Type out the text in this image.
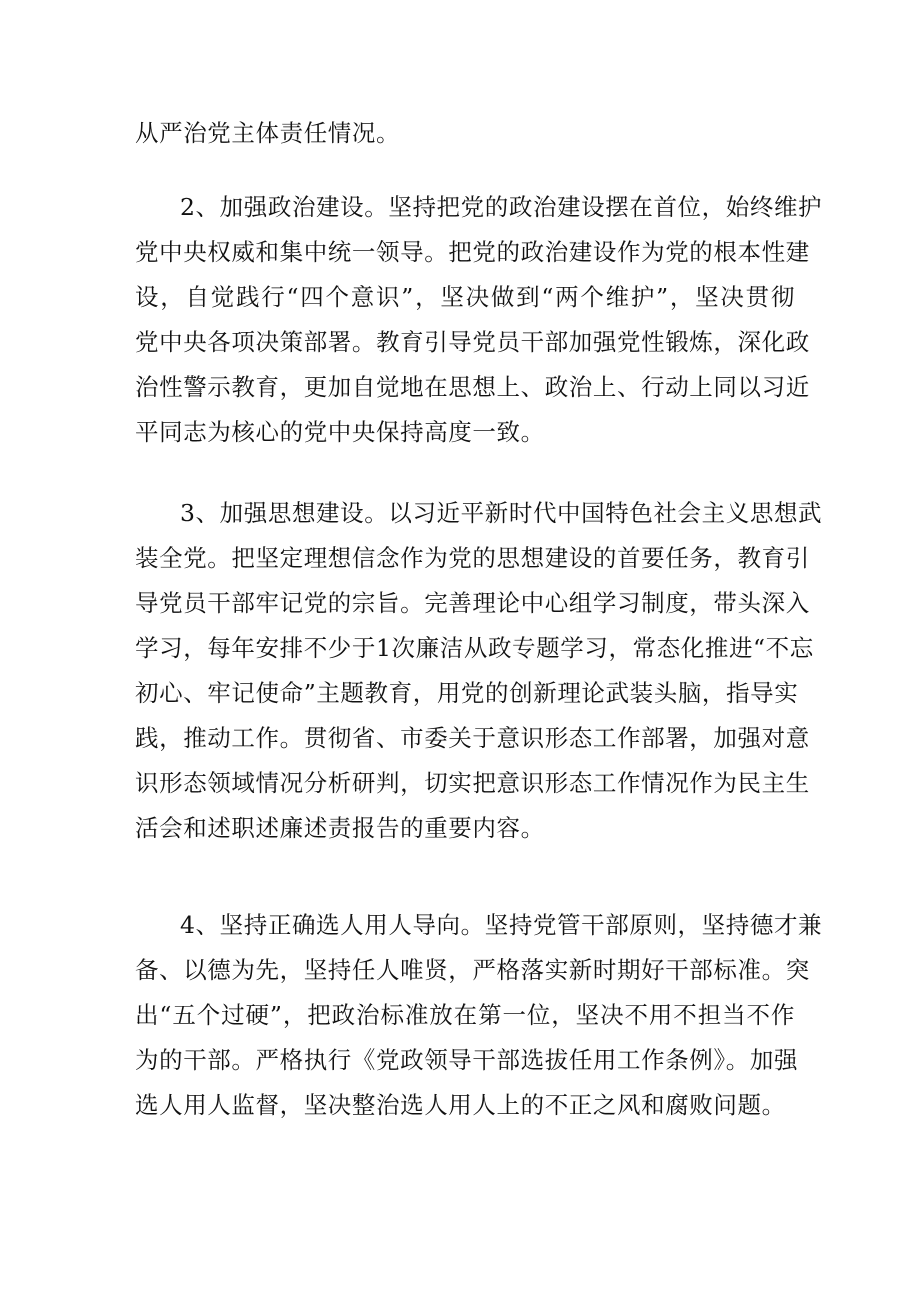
从严治党主体责任情况。
2、加强政治建设。坚持把党的政治建设摆在首位，始终维护
党中央权威和集中统一领导。把党的政治建设作为党的根本性建
设，自觉践行“四个意识”，坚决做到“两个维护”，坚决贯彻
党中央各项决策部署。教育引导党员干部加强党性锻炼，深化政
治性警示教育，更加自觉地在思想上、政治上、行动上同以习近
平同志为核心的党中央保持高度一致。
3、加强思想建设。以习近平新时代中国特色社会主义思想武
装全党。把坚定理想信念作为党的思想建设的首要任务，教育引
导党员干部牢记党的宗旨。完善理论中心组学习制度，带头深入
学习，每年安排不少于1次廉洁从政专题学习，常态化推进“不忘
初心、牢记使命”主题教育，用党的创新理论武装头脑，指导实
践，推动工作。贯彻省、市委关于意识形态工作部署，加强对意
识形态领域情况分析研判，切实把意识形态工作情况作为民主生
活会和述职述廉述责报告的重要内容。
4、坚持正确选人用人导向。坚持党管干部原则，坚持德才兼
备、以德为先，坚持任人唯贤，严格落实新时期好干部标准。突
出“五个过硬”，把政治标准放在第一位，坚决不用不担当不作
为的干部。严格执行《党政领导干部选拔任用工作条例》。加强
选人用人监督，坚决整治选人用人上的不正之风和腐败问题。
